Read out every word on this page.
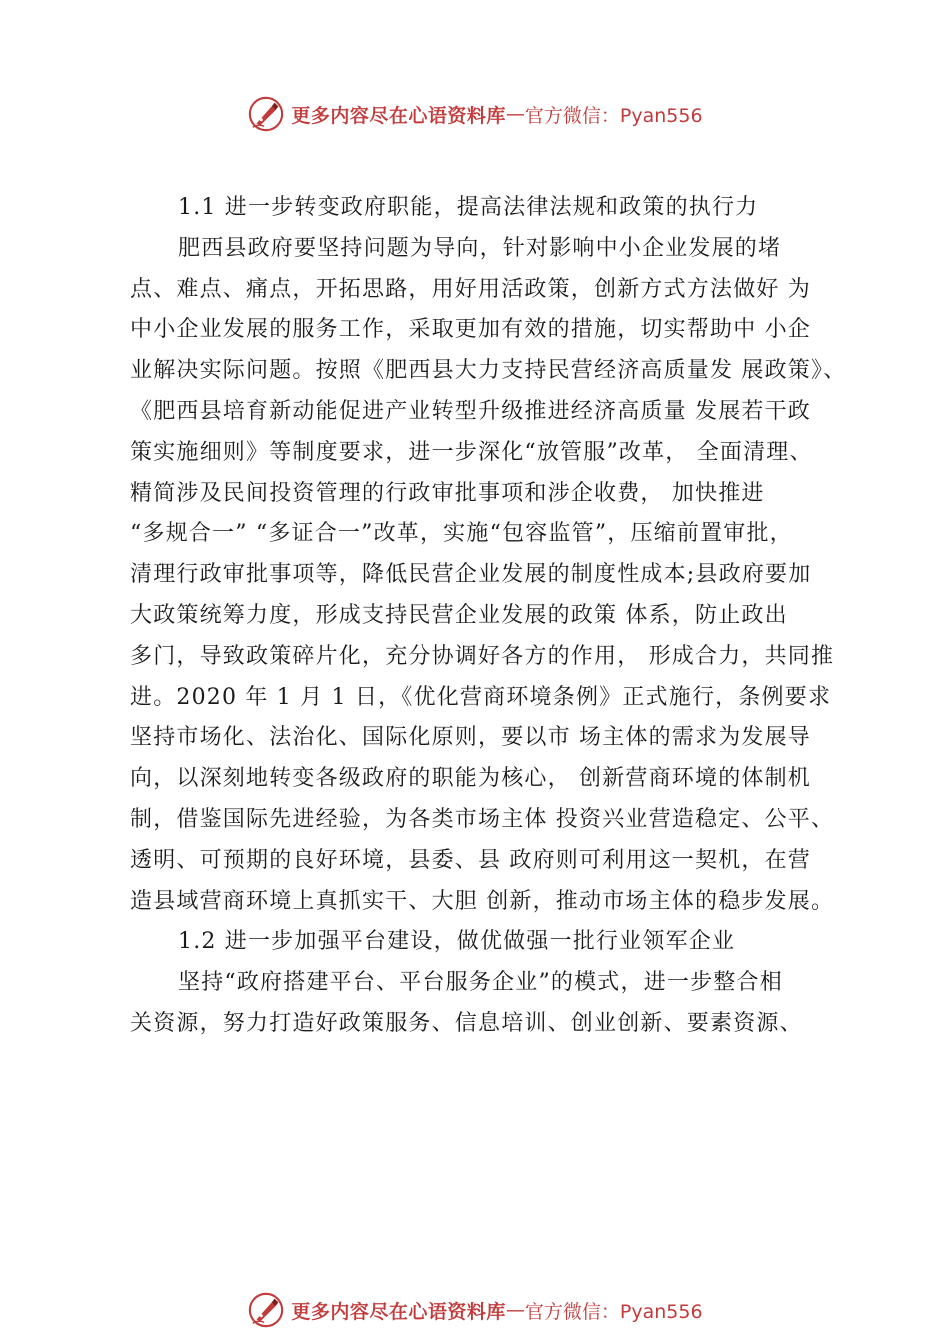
更多内容尽在心语资料库 — 官方微信：Pyan556
1.1 进一步转变政府职能，提高法律法规和政策的执行力
肥西县政府要坚持问题为导向，针对影响中小企业发展的堵
点、难点、痛点，开拓思路，用好用活政策，创新方式方法做好 为
中小企业发展的服务工作，采取更加有效的措施，切实帮助中 小企
业解决实际问题。按照《肥西县大力支持民营经济高质量发 展政策》、
《肥西县培育新动能促进产业转型升级推进经济高质量 发展若干政
策实施细则》等制度要求，进一步深化“放管服”改革， 全面清理、
精简涉及民间投资管理的行政审批事项和涉企收费， 加快推进
“多规合一” “多证合一”改革，实施“包容监管”，压缩前置审批，
清理行政审批事项等，降低民营企业发展的制度性成本;县政府要加
大政策统筹力度，形成支持民营企业发展的政策 体系，防止政出
多门，导致政策碎片化，充分协调好各方的作用， 形成合力，共同推
进。2020 年 1 月 1 日，《优化营商环境条例》正式施行，条例要求
坚持市场化、法治化、国际化原则，要以市 场主体的需求为发展导
向，以深刻地转变各级政府的职能为核心， 创新营商环境的体制机
制，借鉴国际先进经验，为各类市场主体 投资兴业营造稳定、公平、
透明、可预期的良好环境，县委、县 政府则可利用这一契机，在营
造县域营商环境上真抓实干、大胆 创新，推动市场主体的稳步发展。
1.2 进一步加强平台建设，做优做强一批行业领军企业
坚持“政府搭建平台、平台服务企业”的模式，进一步整合相
关资源，努力打造好政策服务、信息培训、创业创新、要素资源、
更多内容尽在心语资料库 — 官方微信：Pyan556
